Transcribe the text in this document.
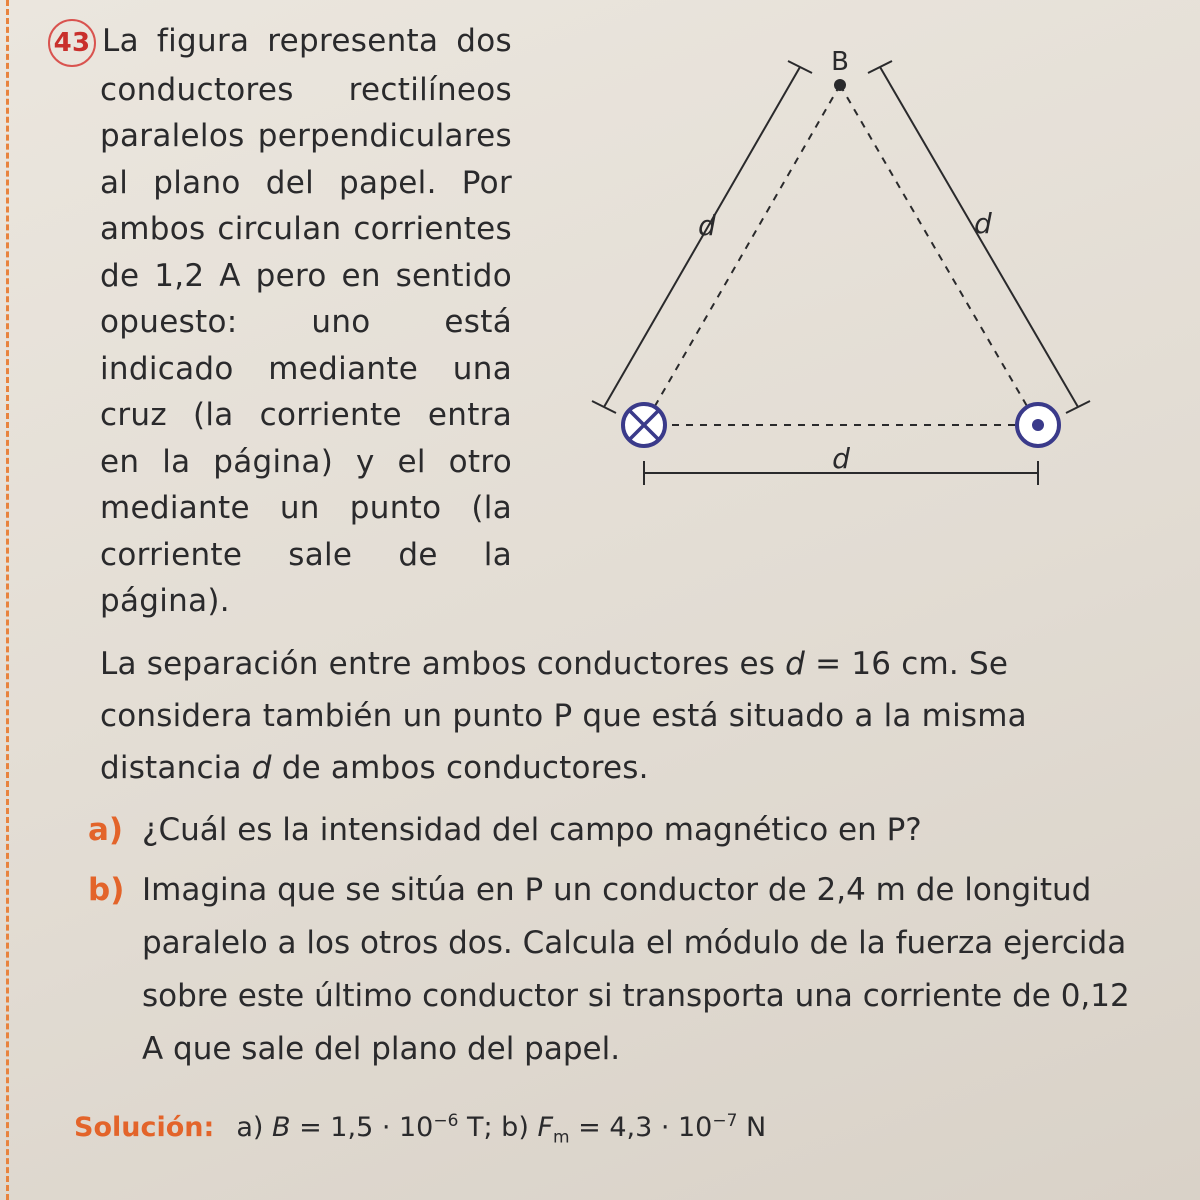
43 La figura representa dos conductores rectilíneos paralelos perpendiculares al plano del papel. Por ambos circulan corrientes de 1,2 A pero en sentido opuesto: uno está indicado mediante una cruz (la corriente entra en la página) y el otro mediante un punto (la corriente sale de la página).

B
d	d
d

La separación entre ambos conductores es d = 16 cm. Se considera también un punto P que está situado a la misma distancia d de ambos conductores.

a) ¿Cuál es la intensidad del campo magnético en P?
b) Imagina que se sitúa en P un conductor de 2,4 m de longitud paralelo a los otros dos. Calcula el módulo de la fuerza ejercida sobre este último conductor si transporta una corriente de 0,12 A que sale del plano del papel.

Solución: a) $B = 1,5 \cdot 10^{-6}$ T; b) $F_m = 4,3 \cdot 10^{-7}$ N
